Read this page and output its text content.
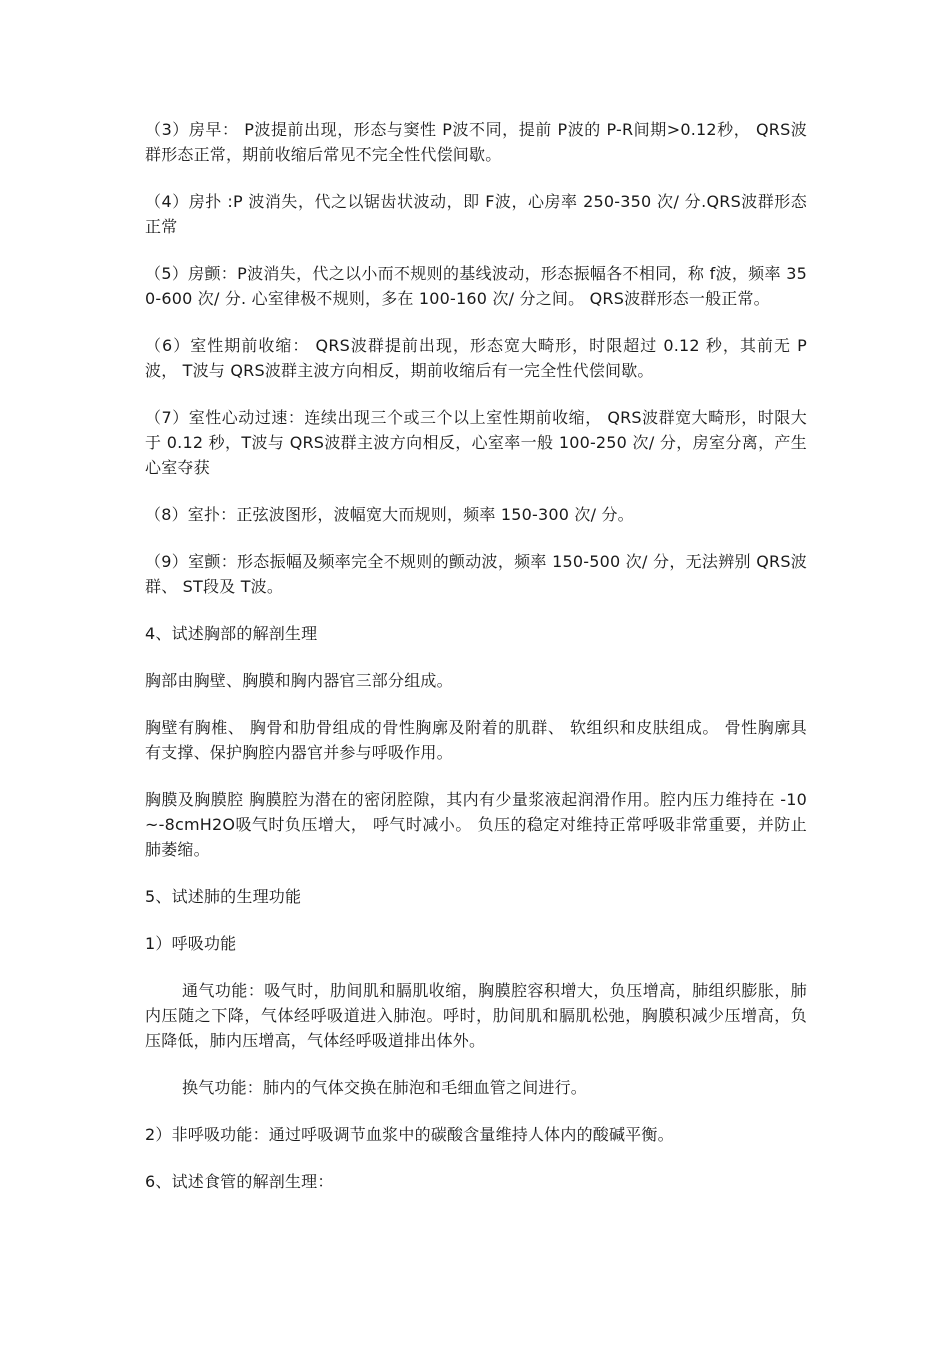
（3）房早： P波提前出现，形态与窦性 P波不同，提前 P波的 P-R间期>0.12秒， QRS波群形态正常，期前收缩后常见不完全性代偿间歇。

（4）房扑 :P 波消失，代之以锯齿状波动，即 F波，心房率 250-350 次/ 分.QRS波群形态正常

（5）房颤：P波消失，代之以小而不规则的基线波动，形态振幅各不相同，称 f波，频率 350-600 次/ 分. 心室律极不规则，多在 100-160 次/ 分之间。 QRS波群形态一般正常。

（6）室性期前收缩： QRS波群提前出现，形态宽大畸形，时限超过 0.12 秒，其前无 P波， T波与 QRS波群主波方向相反，期前收缩后有一完全性代偿间歇。

（7）室性心动过速：连续出现三个或三个以上室性期前收缩， QRS波群宽大畸形，时限大于 0.12 秒，T波与 QRS波群主波方向相反，心室率一般 100-250 次/ 分，房室分离，产生心室夺获

（8）室扑：正弦波图形，波幅宽大而规则，频率 150-300 次/ 分。

（9）室颤：形态振幅及频率完全不规则的颤动波，频率 150-500 次/ 分，无法辨别 QRS波群、 ST段及 T波。

4、试述胸部的解剖生理

胸部由胸壁、胸膜和胸内器官三部分组成。

胸壁有胸椎、 胸骨和肋骨组成的骨性胸廓及附着的肌群、 软组织和皮肤组成。 骨性胸廓具有支撑、保护胸腔内器官并参与呼吸作用。

胸膜及胸膜腔 胸膜腔为潜在的密闭腔隙，其内有少量浆液起润滑作用。腔内压力维持在 -10~-8cmH2O吸气时负压增大， 呼气时减小。 负压的稳定对维持正常呼吸非常重要，并防止肺萎缩。

5、试述肺的生理功能

1）呼吸功能

通气功能：吸气时，肋间肌和膈肌收缩，胸膜腔容积增大，负压增高，肺组织膨胀，肺内压随之下降，气体经呼吸道进入肺泡。呼时，肋间肌和膈肌松弛，胸膜积减少压增高，负压降低，肺内压增高，气体经呼吸道排出体外。

换气功能：肺内的气体交换在肺泡和毛细血管之间进行。

2）非呼吸功能：通过呼吸调节血浆中的碳酸含量维持人体内的酸碱平衡。

6、试述食管的解剖生理：
